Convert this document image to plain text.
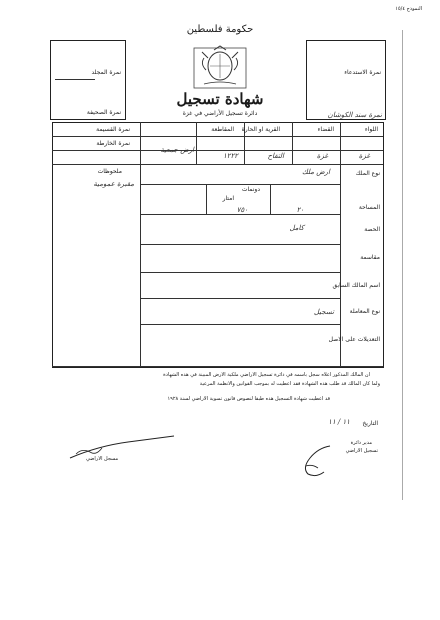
النموذج ١٥/٤
حكومة فلسطين
شهادة تسجيل
دائرة تسجيل الأراضي في غزة
نمرة المجلد
نمرة الصحيفة
نمرة الاستدعاء
نمرة سند الكوشان
اللواء
القضاء
القرية او الحارة
المقاطعة
نمرة القسيمة
نمرة الخارطة
غزة
غزة
التفاح
١٢٢٢
ارض جمعية
نوع الملك
ارض ملك
دونمات
امتار
المساحة
٢٠
٧٥٠
الحصة
كامل
مقاسمة
اسم المالك السابق
نوع المعاملة
تسجيل
التعديلات على الاصل
ملحوظات
مقبرة عمومية
ان المالك المذكور اعلاه سجل باسمه في دائرة تسجيل الاراضي ملكية الارض المبينة في هذه الشهادة
ولما كان المالك قد طلب هذه الشهادة فقد اعطيت له بموجب القوانين والانظمة المرعية
قد اعطيت شهادة التسجيل هذه طبقا لنصوص قانون تسوية الاراضي لسنة ١٩٢٨
التاريخ
١١ / ١١
مدير دائرة
تسجيل الاراضي
مسجل الاراضي
